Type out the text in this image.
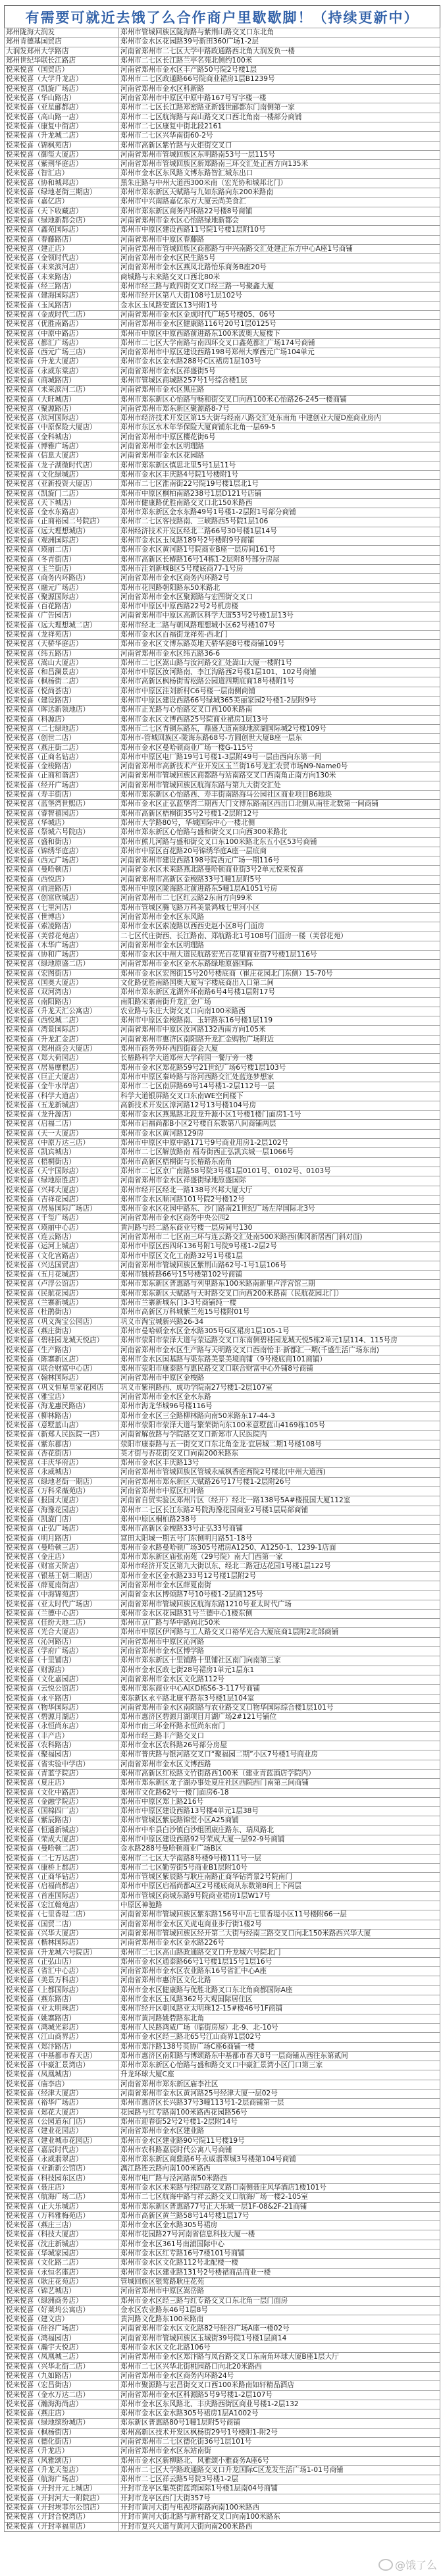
有需要可就近去饿了么合作商户里歇歇脚！（持续更新中）
郑州陇海大润发	郑州市管城回族区陇海路与紫荆山路交叉口东北角
郑州肯德基国贸店	郑州市金水区花园路39号新田360广场1-2层
大润发郑州大学路店	河南省郑州市二七区大学中路政通路西北角大润发负一楼
郑州世纪华联长江路店	郑州市二七区长江路兰亭名苑北侧约100米
悦来悦喜（国贸店）	河南省郑州市金水区丰产路50号院2号楼1层
悦来悦喜（大学升龙店）	郑州市二七区政通路66号院商业裙房1层B1239号
悦来悦喜（凯旋广场店）	河南省郑州市金水区科新路
悦来悦喜（华山路店）	河南省郑州市中原区中原中路167号写字楼一楼
悦来悦喜（亚星郦都店）	郑州市二七区长江路郑密路亚新盛世郦都东门南侧第一家
悦来悦喜（高山路一店）	郑州市二七区航海路与高山路交叉口西北角南一楼部分商铺
悦来悦喜（康复中街店）	郑州市二七区康复中街北段2161
悦来悦喜（升龙城二店）	郑州市二七区兴华南街60-2号
悦来悦喜（锦枫苑店）	郑州市高新区紫竹路与火炬街交叉口
悦来悦喜（御玺大厦店）	河南省郑州市管城回族区东明路南53号一层115号
悦来悦喜（紫荆华庭店）	河南省郑州市管城回族区新郑路南三环交汇处正西方向135米
悦来悦喜（智汇店）	郑州市金水区东风路文博东路智汇城东出口
悦来悦喜（协和城邦店）	黑朱庄路与中州大道西300米南（宏光协和城邦北门）
悦来悦喜（绿地老街三期店）	郑州市郑东新区天赋路与九如东路向东200米路南
悦来悦喜（嘉亿店）	郑州市中兴南路嘉亿东方大厦云尚美食汇
悦来悦喜（天下收藏店）	郑州市郑东新区商务内环路22号楼8号商铺
悦来悦喜（绿地新都会店）	河南省郑州市金水区心怡路绿地新都会
悦来悦喜（鑫苑国际店）	郑州市中原区建设西路11号院1号楼1层附10号
悦来悦喜（春藤路店）	河南省郑州市中原区春藤路
悦来悦喜（建正店）	河南省郑州市管城回族区商都路与中兴南路交汇处建正东方中心A座1号商铺
悦来悦喜（金领时代店）	河南省郑州市金水区民生路5号
悦来悦喜（未来滨河店）	河南省郑州市金水区燕凤北路怡乐商务B座20号
悦来悦喜（未来路店）	商城路与未来路交叉口西北80米
悦来悦喜（经三路店）	郑州市经三路与政四街交叉口经三路一号聚鑫大厦
悦来悦喜（建海国际店）	郑州市经开区第八大街108号1层102号
悦来悦喜（玉凤路店）	金水区玉凤路安置区13号附1号
悦来悦喜（金成时代二店）	河南省郑州市金水区金成时代广场5号楼05、06号
悦来悦喜（优胜南路店）	河南省郑州市金水区健康路116号20号1层0125号
悦来悦喜（中原中路店）	郑州市中原区中原西路前进路东100米波奥大厦楼下
悦来悦喜（都汇广场店）	郑州市二七区大学南路与南四环交叉口鑫苑都汇广场174号商铺
悦来悦喜（西元广场三店）	河南省郑州市中原区建设西路198号郑州大摩西元广场104单元
悦来悦喜（升龙大厦店）	郑州市金水区金水路288号C区裙房1层103号
悦来悦喜（永威东棠店）	河南省郑州市金水区祥盛街5号
悦来悦喜（商城路店）	郑州市管城区商城路257号1号综合楼1层
悦来悦喜（未来滨河二店）	河南省郑州市金水区黑庄路
悦来悦喜（大旺城店）	郑州市郑东新区心怡路与畅和街交叉口向西100米心怡路26-245一楼商铺
悦来悦喜（聚源路店）	河南省郑州市郑东新区聚源路8-7号
悦来悦喜（滨河国际店）	郑州市经济技术开发区第15大街与经南八路交汇处东南角 中建创业大厦D座商业房内
悦来悦喜（中原保险大厦店）	郑州市东区水木年华保险大厦商铺东北角一层69-5
悦来悦喜（金科城店）	河南省郑州市中原区樱花街6号
悦来悦喜（博雅广场店）	河南省郑州市金水区明理路
悦来悦喜（信息大厦店）	河南省郑州市金水区花园路
悦来悦喜（龙子湖微时代店）	郑州市郑东新区慎思北里5号1层11号
悦来悦喜（文化绿城店）	郑州市金水区丰庆路4号院1号楼附1号
悦来悦喜（亚新投资大厦店）	郑州市二七区淮南街22号院19号楼1层北1号
悦来悦喜（凯旋门二店）	郑州市中原区桐柏南路238号1层D121号店铺
悦来悦喜（天下城店）	郑州市健康路优胜南路交叉口北150米路西
悦来悦喜（金水东路店）	郑州市郑东新区金水东路49号1号楼1-2层附1号部分商铺
悦来悦喜（正商裕园二号院店）	郑州市二七区客技路南、三峡路西5号院1层106
悦来悦喜（远大理想城店）	郑州经济技术开发区经北二路66号30号楼1层14号
悦来悦喜（观洲国际店）	郑州市金水区玉凤路189号2号楼附9号商铺
悦来悦喜（瑛丽二店）	郑州市金水区黄河路1号院商业B座一层房间161号
悦来悦喜（冬青街店）	郑州市高新区长椿路16号14栋1-2层附8号部分房屋
悦来悦喜（玉兰街店）	郑州市洼刘新城B区5号楼底商77-1号房
悦来悦喜（商务内环路店）	河南省郑州市金水区商务内环路2号
悦来悦喜（融元广场店）	郑州市花园路朝阳路东50米路北
悦来悦喜（聚源国际店）	河南省郑州市金水区聚源路与宏图街交叉口
悦来悦喜（百花路店）	郑州市中原区中原西路22号2号机房楼
悦来悦喜（广告园店）	河南省郑州市中原区高新区科学大道53号2号楼1层13号
悦来悦喜（远大理想城二店）	郑州市经北二路与朝凤路理想城小区62号楼107号
悦来悦喜（龙祥苑店）	郑州市金水区百福街龙祥苑-西北门
悦来悦喜（天骄华庭店）	郑州市金水区文博东路英地天骄华庭8号楼商铺109号
悦来悦喜（纬五路店）	河南省郑州市金水区纬五路36-6
悦来悦喜（嵩山大厦店）	郑州市二七区嵩山路与汝河路交汇处嵩山大厦一楼附1号
悦来悦喜（和昌澜景店）	郑州市中原区汝河路南、李江沟路西2号楼1层101、102号商铺
悦来悦喜（枫杨街二店）	郑州市高新区枫杨街雪松路公园道四期底商18号楼附1号
悦来悦喜（悦尚荟店）	郑州市中原区洼刘新村C6号楼一层南侧商铺
悦来悦喜（建设路店）	郑州市中原区建设西路66号绿城365美丽家园2号楼1-2层附9号
悦来悦喜（晖达新领地店）	郑州市正光路与心怡路交叉口西100米路南
悦来悦喜（科源店）	郑州市金水区文博西路25号院商业裙房1层13号
悦来悦喜（二七绿地店）	郑州市二七区青铜东路东，鼎盛大道南绿地滨湖国际城2号楼109号
悦来悦喜（创世二店）	郑州市-管城回族区-陇海东路68号-方圆创世大厦B座一层东
悦来悦喜（燕庄街二店）	郑州市金水区曼哈顿商业广场一楼G-115号
悦来悦喜（正商名钻店）	郑州市中原区电厂路19号1号楼1-3层附49号一层由西向东第一间
悦来悦喜（金梭路店）	河南省郑州市高新技术产业开发区玉兰街16号龙汇农贸市场N9-Name0号
悦来悦喜（正商和谐店）	河南省郑州市管城回族区商都路与站南路交叉口西南角正南方向130米
悦来悦喜（经开广场店）	河南省郑州市管城回族区航海东路与第九大街交汇处
悦来悦喜（寿丰街店）	郑州市郑东新区心怡路西、寿丰街南路海马公园社区商业项目B6地块
悦来悦喜（蓝堡湾世熙店）	郑州市金水区正弘蓝堡湾二期西大门文博东路南区西出口北侧从南往北数第一间商铺
悦来悦喜（睿智禧园店）	郑州市高新区梧桐街35号2号楼1-2层附12号
悦来悦喜（华城店）	郑州市大学路80号，华城国际中心一楼北侧
悦来悦喜（祭城六号院店）	郑州市郑东新区心怡路与盛和街交叉口向西300米路北
悦来悦喜（盛和街店）	郑州市熊儿河路与盛和街交叉口东100米路北东五小区53号商铺
悦来悦喜（锦绣华庭店）	郑州市中原区百花路20号锦绣华庭A座一层底商
悦来悦喜（西元广场店）	河南省郑州市建设西路198号院西元广场一期116号
悦来悦喜（曼哈顿店）	河南省金水区未来路燕北路曼哈顿商业街3号2单元悦来悦喜
悦来悦喜（西悦店）	河南省郑州市高新区金梭路33号1幢1层附5号
悦来悦喜（前进路店）	郑州市中原区陇海路北前进路东5幢1层A1051号房
悦来悦喜（创富欣城店）	河南省郑州市二七区红云路2东南方向99米
悦来悦喜（七里河店）	郑州市管城区腾飞路万科美景鸿城七里河小区
悦来悦喜（世博店）	河南省郑州市金水区东风路
悦来悦喜（索凌路店）	郑州市金水区索凌路以西西史赵小区8号门面房
悦来悦喜（芙蓉花苑店）	二七区代庄街西、长江路南、郑航路北1号108号门面房一楼（芙蓉花苑）
悦来悦喜（木华广场店）	河南省郑州市金水区明理路
悦来悦喜（协和广场店）	郑州市金水区中州大道民航路宏光百花里商业街7号楼1层116号
悦来悦喜（绿地原盛二店）	河南省郑州市金水区金水东路绿地原盛国际
悦来悦喜（宏图街店）	郑州市金水区宏图街15号20号楼底商（崔庄花园北门东侧）15-70号
悦来悦喜（国奥大厦店）	文化路优胜南路国奥大厦写字楼底商出入口第二间
悦来悦喜（双河湾店）	郑州市郑东新区龙湖外环南路6号4号楼1层附17号
悦来悦喜（南阳路店）	南阳路宋寨南街升龙汇金广场
悦来悦喜（升龙天汇公寓店）	农业路与朱庄大街交叉口向南100米路西
悦来悦喜（西悦城二店）	郑州市中原区金梭路南、玉轩路东16号楼1层119
悦来悦喜（湾景国际店）	河南省郑州市中原区汝河路132西南方向105米
悦来悦喜（升龙汇金店）	河南省郑州市惠济区南阳路升龙汇金购物广场附近
悦来悦喜（郑州商会大厦店）	郑州市商务外环西四街商会大厦
悦来悦喜（郑大荷园店）	长椿路科学大道郑州大学荷园一餐厅旁一楼
悦来悦喜（居易摩根店）	郑州市金水区郑花路59号21世纪广场6号楼1层103号
悦来悦喜（巨正大厦店）	郑州市中原区秦岭路与洛河西路交汇处蓝迩梦想家
悦来悦喜（金牛水岸店）	郑州市二七区南屏路69号14号楼1-2层112号一层
悦来悦喜（科学大道店）	科学大道银屏路交叉口东南WE空间楼下
悦来悦喜（五龙新城店）	高新技术开发区漳河路12号13号楼104号房
悦来悦喜（龙升源店）	郑州市金水区燕黑路北段龙升源小区1号楼1楼门面房1-1号
悦来悦喜（启福二店）	郑州市启福尚都B小区2号楼自东数第八间商铺两层
悦来悦喜（天一大厦店）	郑州市金水区黄河路129房
悦来悦喜（中原万达三店）	郑州市中原区中原中路171号9号商业用房1-2层102号
悦来悦喜（凯宾城店）	郑州市二七区解放路南 福寿街西正弘凯宾城一层1066号
悦来悦喜（梧桐街店）	郑州市高新区梧桐街与长椿路东南角
悦来悦喜（天宇国际店）	郑州市二七区京广南路58号院3号楼1层0101号、0102号、0103号
悦来悦喜（绿地原胜店）	河南省郑州市金水区祥盛街绿地原盛国际
悦来悦喜（兴邦大厦店）	郑州市经开区经北一路138号兴邦大厦大厅
悦来悦喜（吉祥花园店）	郑州市金水区顺河路101号院2号楼12号
悦来悦喜（居易国际广场店）	郑州市金水区花园中路东、沙门路南21世纪广场左岸国际北3号
悦来悦喜（千玺广场店）	河南省郑州市金水区商务中央公园2
悦来悦喜（瑛丽中心店）	黄河路与经二路东商业号楼一层房间号130
悦来悦喜（连云路店）	河南省郑州市二七区南三环与连云路交汇处南500米路西(佛冈新居西门斜对面)
悦来悦喜（运河上城店）	郑州市中原区西四环136号附1号院9号楼1-2层2号
悦来悦喜（文化宫路店）	郑州市中原区文化工南路32号1号楼1层
悦来悦喜（兴达国贸店）	河南省郑州市管城回族区紫荆山路62号-1号1层106号
悦来悦喜（五月花城店）	郑州市姚桥路66号15号楼第102号商铺
悦来悦喜（卢浮公馆店）	郑州市郑东新区普惠路与列里路东100米路南新里卢浮宫馆三期
悦来悦喜（民航花园店）	郑州市郑东新区天赋路与天时路交叉口向西200米路南（民航花园北门）
悦来悦喜（兰寨新城店）	郑州市兰寨新城东门3-3号商铺纯一楼
悦来悦喜（杜鹃街店）	郑州市高新区万科城紫兰苑15号楼附01号
悦来悦喜（巩义淘宝公园店）	巩义市淘宝城新兴路26-34
悦来悦喜（燕庄街店）	郑州市曼哈顿金水区金水路305号G区裙房1层105-1号
悦来悦喜（碧桂园龙城天悦店）	郑州市荥阳市荥泽大道与荥运路交叉口东南侧碧桂园龙城天悦5栋2单元1层114、115号房
悦来悦喜（生产路店）	河南省郑州市金水区生产路与天明路交叉口西南怡丰·新都汇一期(千盛生活广场东南)
悦来悦喜（陈寨新区店）	郑州市金水区国基路与渠东路美景美境商铺（9号楼底商101商铺）
悦来悦喜（联合财富中心店）	郑州市荥阳市康泰路与惠民路交叉口联合财富中心外铺8号商铺
悦来悦喜（翰林国际店）	河南省郑州市中原区金梭路
悦来悦喜（巩义恒星皇家花园店	巩义市紫荆路西、成功学院南27号楼1-2层107室
悦来悦喜（雅宝店）	河南省郑州市金水区金水东路
悦来悦喜（海龙惠民路店）	郑州市海龙华城96号楼116号
悦来悦喜（柳林路店）	郑州市金水区三全路柳林路向南50米路东17-44-3
悦来悦喜（意墅蓝山店）	郑州市荥阳市荥泽大道与繁荣街向东100米意墅蓝山4169栋105号
悦来悦喜（新郑人民医院一店）	河南省解放路与学院路交叉口新郑市人民医院内
悦来悦喜（紫东郡店）	荥阳市康泰路与五一街交叉口东北角金龙·宜居城二期1号楼108号
悦来悦喜（杏花街店）	英才街与杏花街交叉口向南200米路东
悦来悦喜（丰庆华府店）	郑州市金水区丰庆路13号
悦来悦喜（永威城店）	河南省郑州市管城回族区管城永威枫香庭西院2号楼北(中州大道西)
悦来悦喜（绿地老街一期店）	河南省郑州市郑东新区天赋路26号17号楼1-2层附26号
悦来悦喜（万科采薇苑店）	河南省郑州市中原区红叶路
悦来悦喜（报国大厦店）	河南省自贸实验区郑州片区（经开）经北一路138号5A#楼报国大厦112室
悦来悦喜（海豫花园店）	郑州市二七区长江东路2号院海豫花园商业2号楼1层局部商铺
悦来悦喜（凯旋门店）	郑州中原区桐柏路238号
悦来悦喜（正弘广场店）	郑州市高新区金梭路33号正弘33号商铺
悦来悦喜（明月路店）	富田太阳城一期五号门东侧明月路51-18号
悦来悦喜（曼哈顿三店）	郑州市金水路曼哈顿广场305号裙房A1250、A1250-1、1239-1店面
悦来悦喜（金庄店）	郑州市郑东新区庙张南苑（29号院）南大门西第一家
悦来悦喜（财富天阶店）	郑州市经济开发区第九大街以东、经北二路冠达花园1号楼1层122号
悦来悦喜（银基王朝二期店）	郑州市金水区金水路233号12号楼1层附2号
悦来悦喜（薛夏南街店）	河南省郑州市金水区薛夏南街
悦来悦喜（中海锦苑店）	河南省金水区博颂路7号10号楼1-2层商125号
悦来悦喜（亚太时代广场店）	河南省郑州市管城回族区航海东路1210号亚太时代广场
悦来悦喜（兰德中心店）	郑州市金水区花园路31号兰德中心1楼东侧
悦来悦喜（佳纷天地二店）	郑州市京广路与华中路向北50米
悦来悦喜（光合大厦店）	郑州市中原区伊河路与工人路交叉口裕华光合大厦底商1层附2北部商铺
悦来悦喜（沁河路店）	河南省郑州市中原区沁河路
悦来悦喜（学府广场店）	河南省郑州市金水区博学路
悦来悦喜（十里铺店）	郑州市郑东新区十里铺路十里铺社区南门向南第三家
悦来悦喜（财源店）	郑州市金水区政七街28号裙房1单元1层东1
悦来悦喜（文化嘉园店）	河南省郑州市金水区文化路112号
悦来悦喜（云悦公馆店）	郑州市郑东商业中心A区D栋S6-3-117号商铺
悦来悦喜（永平路店）	郑东新区永平路北康平路东3号楼1层104室
悦来悦喜（物华国际店）	河南省郑州市金水区南阳路与农业路交叉口物华国际综合楼1层101号
悦来悦喜（碧源月湖店）	郑州市惠济区碧源月湖项目月湖广场2#121号铺位
悦来悦喜（永恒尚东店）	郑州市南三环金杯路永恒尚东南门
悦来悦喜（丰产店）	郑州市经三路丰产路交叉口
悦来悦喜（农科路店）	郑州市金水区农科路26号部分房屋
悦来悦喜（聚福园店）	郑州市普庆路与银河路交叉口“聚福园二期”小区7号楼1号商业房
悦来悦喜（省实验中学店）	河南省郑州市金水区文博西路
悦来悦喜（青蓝学院店）	郑州市高新区红松路文竹街路西100米（建业青蓝酒店学院内）
悦来悦喜（夏庄店）	郑州市郑东新区龙子湖办事处夏庄社区西院西门南第三间商铺
悦来悦喜（文化中路店）	郑州市文化路62号一楼门面房6-18
悦来悦喜（金融学院店）	郑州市中原区郑上路216号
悦来悦喜（国棉四厂店）	郑州市中原区建设西路13号楼4单元1层38号
悦来悦喜（紫辰路店）	郑州市管城区紫辰路锦堂小区A25商铺
悦来悦喜（恒通新城店）	郑州市中牟县白沙镇白沙组团康庄路东、瑞凤路北
悦来悦喜（荣成大厦店）	郑州市中原区建设西路92号荣成大厦一层92-9号商铺
悦来悦喜（曼哈顿二店）	金水路288号曼哈顿商业广场B区
悦来悦喜（二七万达店）	郑州市二七区大学南路8号楼9号楼111号一层
悦来悦喜（康桥上郡店）	郑州市二七区勤劳街5号商业B1层附10号
悦来悦喜（正商华钻店）	郑州市管城区紫辰路与耿庄南路正商华钻湾景2号院南门
悦来悦喜（启福尚都店）	郑州市中原区启福尚都A区2号楼底商从东数第8间上下两层
悦来悦喜（首座国际店）	郑州市管城区商城东路9号院商业裙房1层W17号
悦来悦喜（宏江翰苑店）	中原区神驰路
悦来悦喜（七里香堤二店）	河南省郑州市管城回族区紫东路156号中岳七里香堤小区11号楼附66一层
悦来悦喜（国贸二店）	河南省郑州市金水区关虎屯商业步行街1楼2号
悦来悦喜（兴华大厦店）	河南省郑州市管城回族区经开第二大街与经南三路交叉口向北150米路西兴华大厦
悦来悦喜（楷林国际店）	河南省郑州市金水区金水路226号
悦来悦喜（升龙城六号院店）	郑州市二七区高山路政通路交叉口升龙城六号院北门
悦来悦喜（正弘山店）	郑州市金水区通泰路66号1号楼1层15号1层16号
悦来悦喜（省汇中心店）	河南省郑州市金水区农业路东16号省汇中心A座
悦来悦喜（美景万科店）	河南省郑州市惠济区文化北路
悦来悦喜（上都国际店）	郑州市金水区健康路与优胜北路叉口东北角商都国际A座
悦来悦喜（燕东路店）	郑州市金水区玉凤路362号大观国际居住区
悦来悦喜（亚太明珠店）	郑州市经开区朝凤路亚太明珠12-15#楼46号1F商铺
悦来悦喜（姚寨路店）	郑州市黄河路姚砦路东北角
悦来悦喜（鸿城光彩店）	郑州市人民路鸿威广场（临街房屋）北-9、北-10号
悦来悦喜（江山商界店）	郑州市金水区经三路北65号江山商界1层02号
悦来悦喜（郑汴路店）	郑州市郑汴路138号英协广场C座6商铺一楼
悦来悦喜（中基都市春天店）	郑州市惠济区南阳路与博颂路东中基都市春天8号一层商铺从西往东第贰间
悦来悦喜（中豪汇景湾店）	郑州市郑东新区心怡路与盛和路交叉口中豪汇景湾小区门口第三家
悦来悦喜（凤凰城店）	升龙环球大厦C座
悦来悦喜（庙李店）	河南省郑州市郑东新区庙李社区
悦来悦喜（经津大厦店）	河南省郑州市金水区黄河路25号经津大厦一层02号
悦来悦喜（裕华广场店）	郑州市惠济区长兴路37号3幢113号1-2层商铺第一层
悦来悦喜（郑花大厦店）	花园路与红专路南100米路西花园路56号
悦来悦喜（公园道东门店）	郑州市迎春街52号2号楼1-2层附14号
悦来悦喜（建业花园店）	河南省郑州市金水区建业路
悦来悦喜（建业城市花园店）	郑州市金水区建业路90号院11号楼19号
悦来悦喜（嘉辰时代店）	郑州市农科路嘉辰时代公寓八号商铺
悦来悦喜（永威翡翠店）	郑州市郑东新区商鼎路6号永威翡翠城3号楼第104号商铺
悦来悦喜（亚新新公馆店）	漓江路连云路向南100米路西
悦来悦喜（科技园东区店）	郑州市电厂路与泾河路南50米路西
悦来悦喜（聂庄店）	郑州市金水区未来路与纬四路交叉路口南侧聂庄风华酒店1楼101号
悦来悦喜（航海广场二店）	郑州市二七区航海中路与祥云路交叉口航海广场一楼2-105室
悦来悦喜（正大乐城店）	郑州市郑东新区普惠路77号正大乐城一层1F-08&2F-21商铺
悦来悦喜（万科雅梅苑店）	郑州市高新区黄兰路58号14号楼1层17号
悦来悦喜（燕庄三店）	郑州市金水区金水路305号裙房
悦来悦喜（科技大厦店）	郑州市花园路27号河南省信息科技大厦一楼
悦来悦喜（沈庄新城店）	郑州市金水区361号南浦国际中心
悦来悦喜（华城家园店）	郑州市金水区红专路16号7楼101号商铺
悦来悦喜（文化路二店）	郑州市金水区文化路112号北配楼一楼
悦来悦喜（永恒名座店）	郑州市金水区建业路131号2号楼裙商品商业一楼
悦来悦喜（耿庄花苑店）	管城回族区银莺路耿庄花苑
悦来悦喜（锦艺城店）	河南省郑州市中原区嵩岳路
悦来悦喜（绿洲商务店）	郑州市金水区经三路与红专路交叉口东北角一层门面房
悦来悦喜（好莱坞公寓店）	金水区农业路东46号1层8号
悦来悦喜（建文店）	黄河路文化路东100米路南
悦来悦喜（硅谷广场店）	河南省郑州市金水区文化路82号硅谷广场A座一楼02号
悦来悦喜（鸿福园店）	河南省郑州市管城回族区玉城街39号院1号楼1层商14
悦来悦喜（瀚宇天悦店）	郑州市金水区文化北路106号
悦来悦喜（凤凰城三店）	河南省郑州市金水区郑汴路与凤台路交叉口东南角环球大厦B座1层大厅
悦来悦喜（兴华北街二店）	郑州市二七区兴华北街桃园路口向北20米路西
悦来悦喜（九如路店）	河南省郑州市金水区商务内环路24号
悦来悦喜（宏昌街店）	郑州市聚源路与宏昌街交叉口西100米路南如轩精品酒店
悦来悦喜（金水万达二店）	河南省郑州市金水区科源路5号9号楼1-2层107号
悦来悦喜（瀚海海尚店）	郑州市金水区东风路北、丰庆路西街区商业号楼1-2层132
悦来悦喜（燕庄店）	郑州市金水区金水路305号裙房1层A1002号
悦来悦喜（绿地缤纷城店）	郑东新区普惠路80号1幢1层附5号商铺
悦来悦喜（枫杨街店）	郑州高新区技术开发区枫杨街29号1号楼附1-附2号
悦来悦喜（德化街店）	河南省郑州市二七区德化街36号1层101号
悦来悦喜（升龙店）	河南省郑州市金水区东站南街
悦来悦喜（风雅颂店）	郑州市金水区新柳路北、风雅颂小雅商务A座6号
悦来悦喜（升龙天玺店）	郑州市二七区大学路政通路交叉口升龙国际C区龙发生活广场1-01号商铺
悦来悦喜（航海广场店）	郑州市二七区祥云路5号院3号楼1-2层
悦来悦喜（开封开元上城店）	开封市龙亭区集英街蓝湾国际1号楼1层南04号商铺
悦来悦喜（开封河大一附院店）	开封市龙亭区西门大街357号
悦来悦喜（开封埃菲尔公馆店）	开封市黄河大街与电视塔南路向南100米路西
悦来悦喜（开封合悦湾店）	开封市黄河大街北路与新村路交叉口向南100米路东
悦来悦喜（开封幸福里店）	开封市复兴大道与黄河大街向南200米路西
@饿了么
